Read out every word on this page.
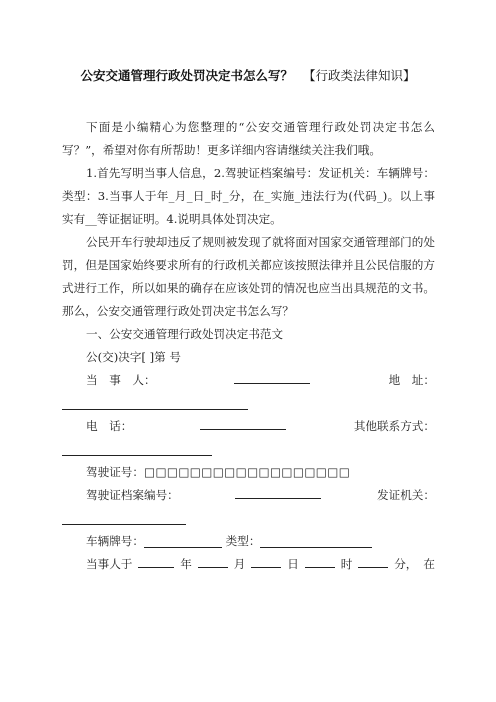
公安交通管理行政处罚决定书怎么写？ 【行政类法律知识】
下面是小编精心为您整理的“公安交通管理行政处罚决定书怎么写？”，希望对你有所帮助！更多详细内容请继续关注我们哦。
1.首先写明当事人信息，2.驾驶证档案编号：发证机关：车辆牌号：类型：3.当事人于年_月_日_时_分，在_实施_违法行为(代码_)。以上事实有__等证据证明。4.说明具体处罚决定。
公民开车行驶却违反了规则被发现了就将面对国家交通管理部门的处罚，但是国家始终要求所有的行政机关都应该按照法律并且公民信服的方式进行工作，所以如果的确存在应该处罚的情况也应当出具规范的文书。那么，公安交通管理行政处罚决定书怎么写？
一、公安交通管理行政处罚决定书范文
公(交)决字[ ]第 号
当　事　人：	地　址：
电　话：	其他联系方式：
驾驶证号：□□□□□□□□□□□□□□□□□□
驾驶证档案编号：	发证机关：
车辆牌号：	类型：
当事人于	年	月	日	时	分， 在
